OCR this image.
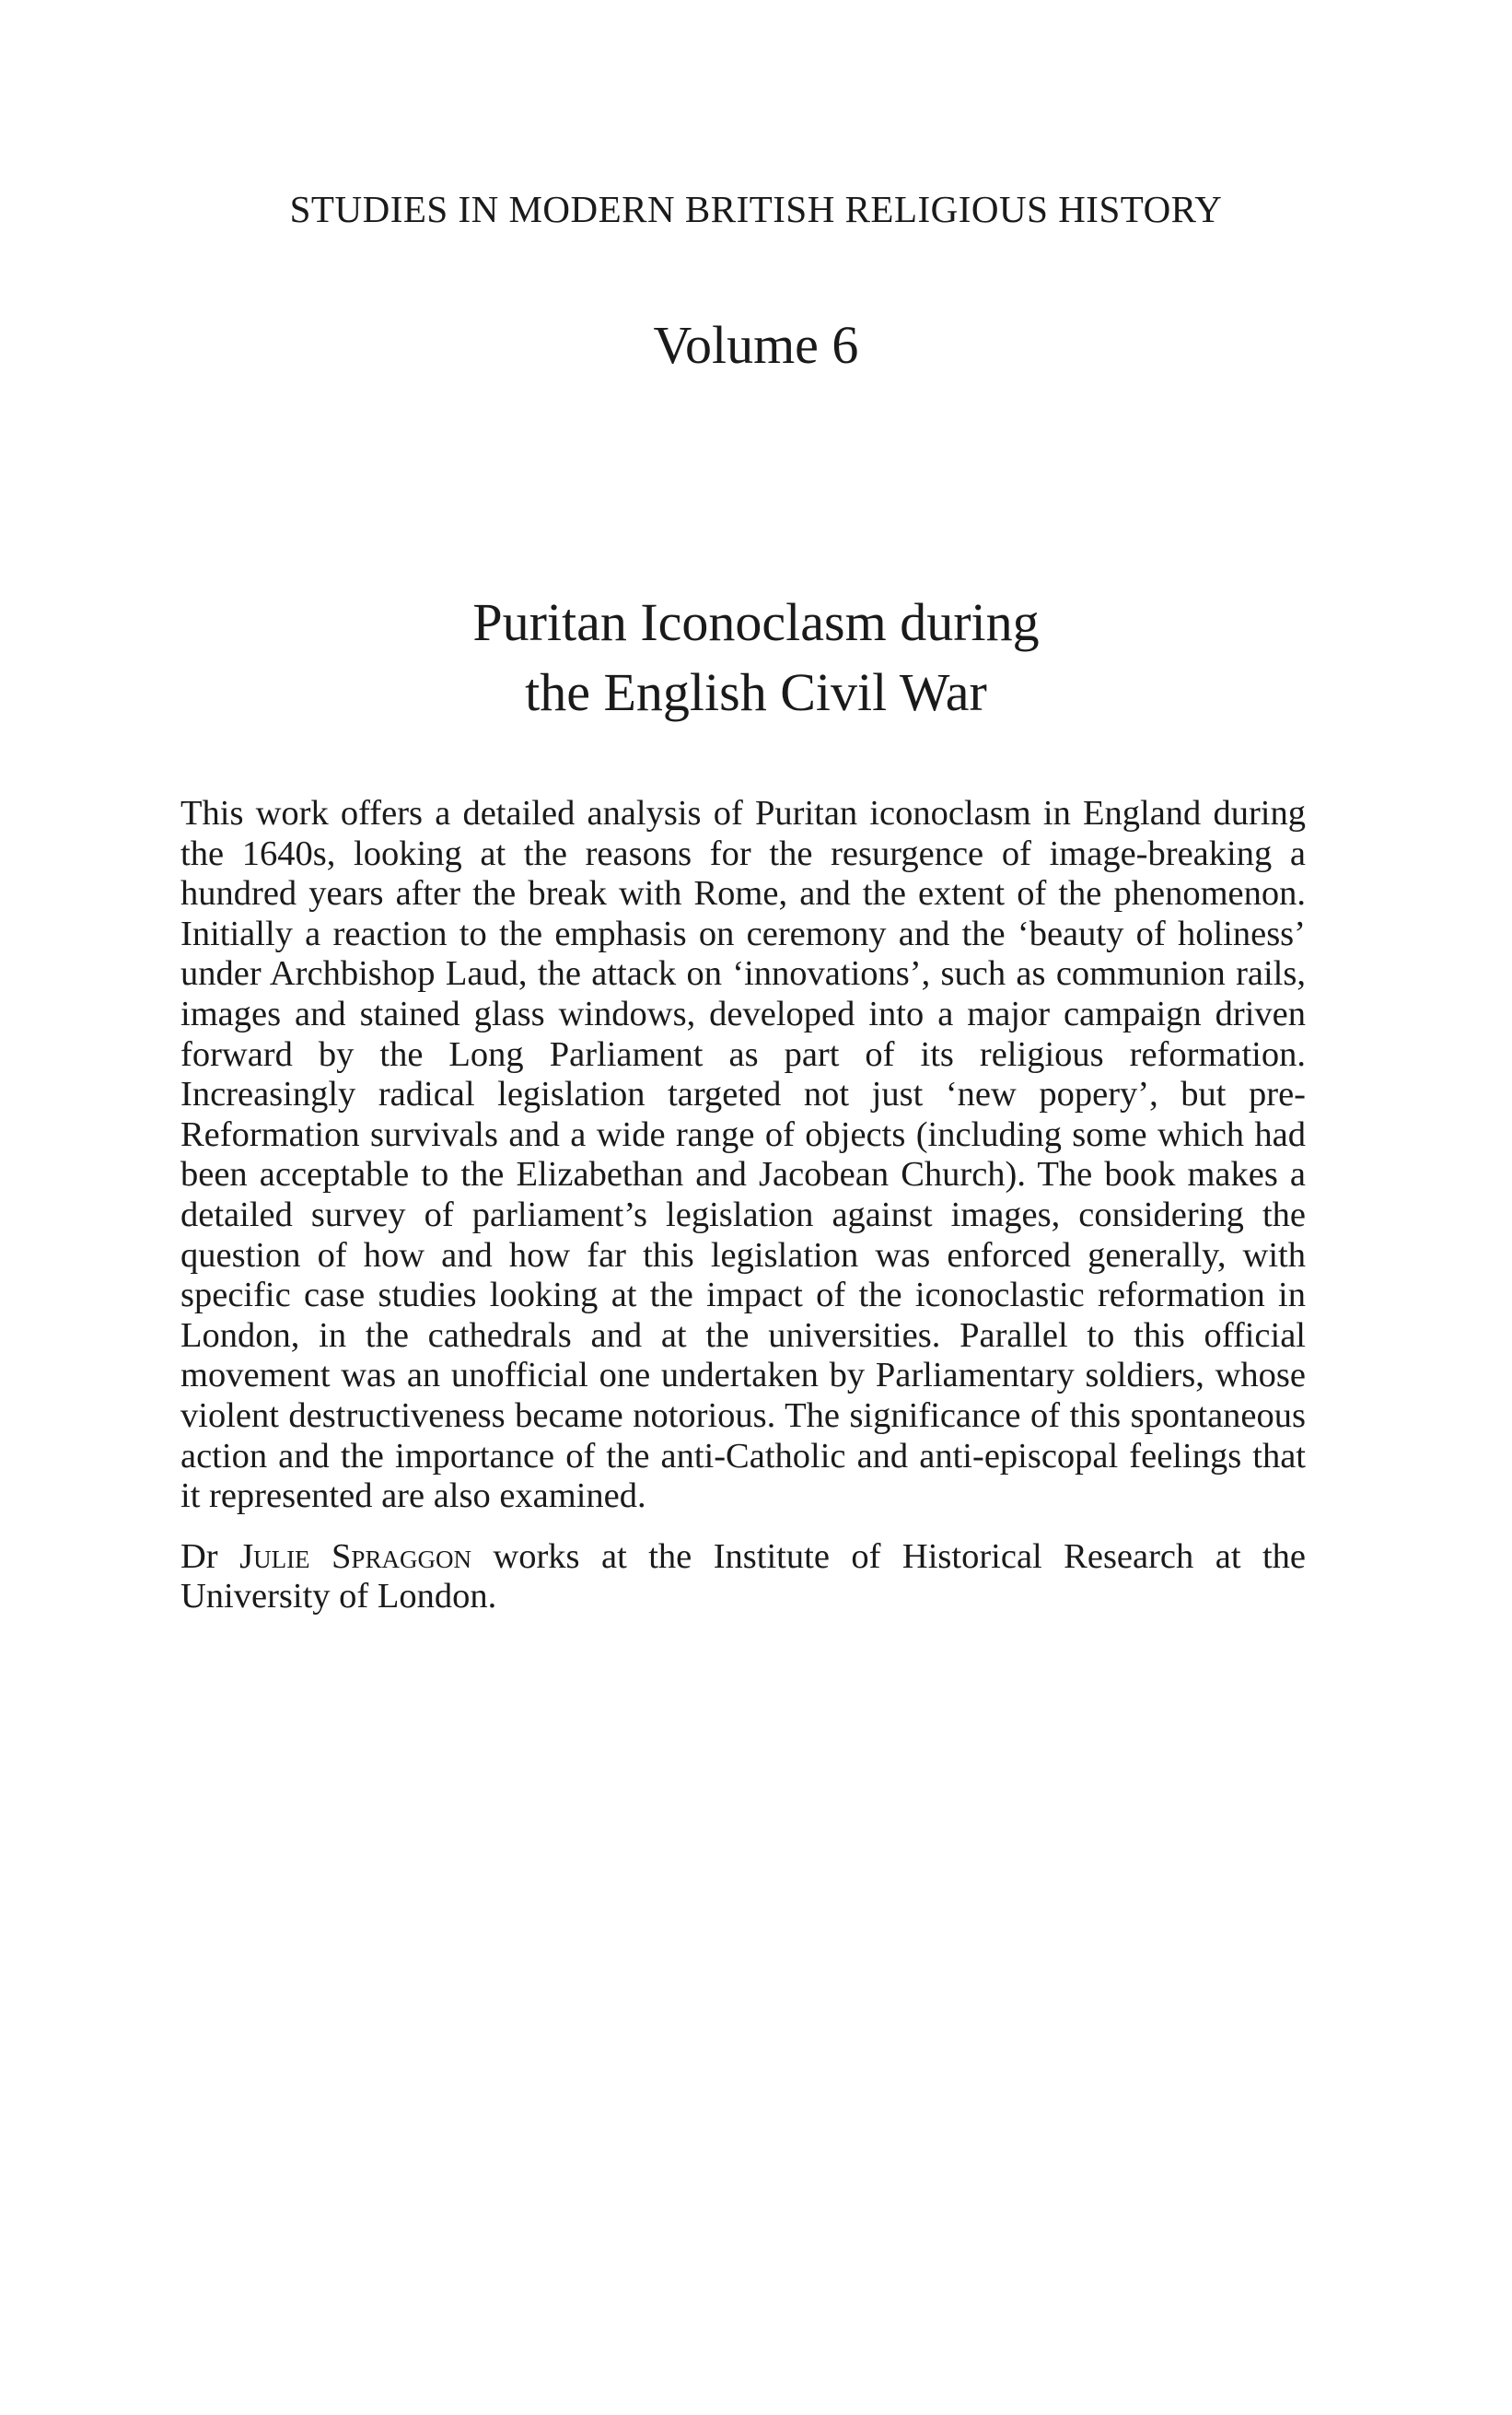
STUDIES IN MODERN BRITISH RELIGIOUS HISTORY
Volume 6
Puritan Iconoclasm during
the English Civil War

This work offers a detailed analysis of Puritan iconoclasm in England during the 1640s, looking at the reasons for the resurgence of image-breaking a hundred years after the break with Rome, and the extent of the phenomenon. Initially a reaction to the emphasis on ceremony and the ‘beauty of holiness’ under Archbishop Laud, the attack on ‘innovations’, such as communion rails, images and stained glass windows, developed into a major campaign driven forward by the Long Parliament as part of its religious reformation. Increasingly radical legislation targeted not just ‘new popery’, but pre-Reformation survivals and a wide range of objects (including some which had been acceptable to the Elizabethan and Jacobean Church). The book makes a detailed survey of parliament’s legislation against images, considering the question of how and how far this legislation was enforced generally, with specific case studies looking at the impact of the iconoclastic reformation in London, in the cathedrals and at the universities. Parallel to this official movement was an unofficial one undertaken by Parliamentary soldiers, whose violent destructiveness became notorious. The significance of this spontaneous action and the importance of the anti-Catholic and anti-episcopal feelings that it represented are also examined.

Dr Julie Spraggon works at the Institute of Historical Research at the University of London.
